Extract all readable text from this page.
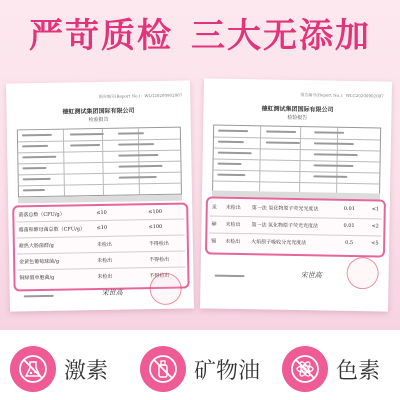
严苛质检 三大无添加
报告编号(Report No.)：WLG20200902007
德虹测试集团国际有限公司
检验报告
菌落总数（CFU/g）	≤10	≤100
霉菌和酵母菌总数（CFU/g） ≤10	≤100
耐热大肠菌群/g	未检出	不得检出
金黄色葡萄球菌/g	未检出	不得检出
铜绿假单胞菌/g	未检出	不得检出
宋世高
报告编号(Report No.)：WLG20200902007
德虹测试集团国际有限公司
检验报告
汞 未检出 第一法 氢化物原子荧光光度法	0.01	<1
砷 未检出 第一法 氢化物原子荧光光度法	0.01	<2
镉 未检出 火焰原子吸收分光光度法	0.5	<5
宋世高
激素	矿物油	色素
